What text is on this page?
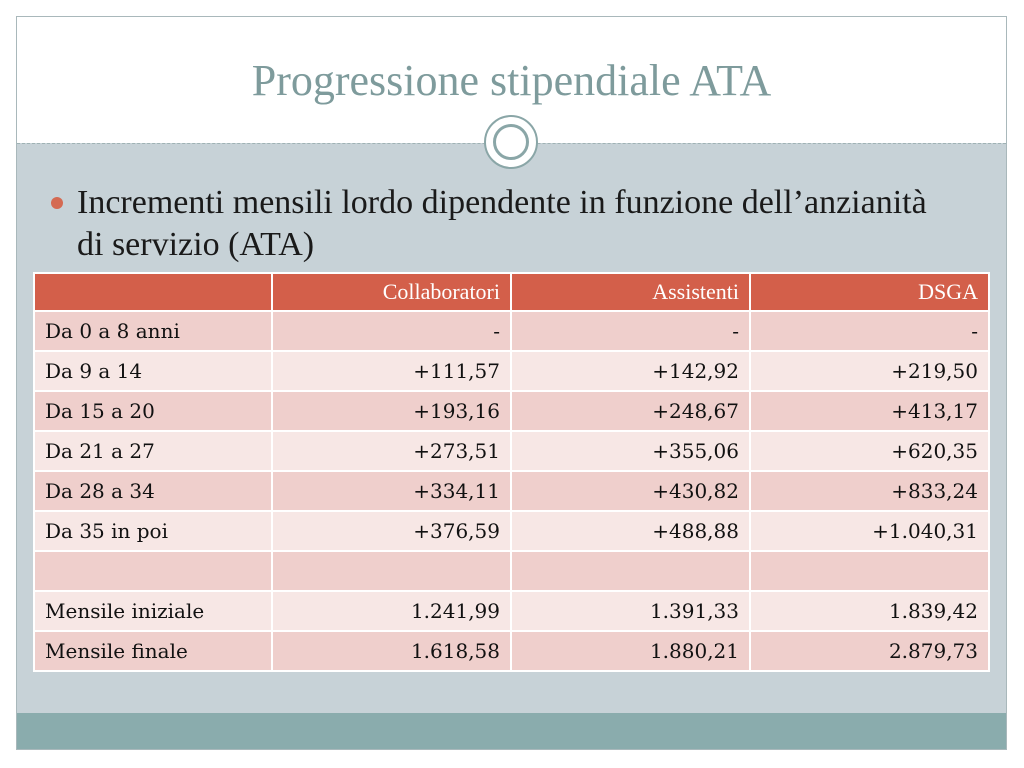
Progressione stipendiale ATA
Incrementi mensili lordo dipendente in funzione dell’anzianità di servizio (ATA)
	Collaboratori	Assistenti	DSGA
Da 0 a 8 anni	-	-	-
Da 9 a 14	+111,57	+142,92	+219,50
Da 15 a 20	+193,16	+248,67	+413,17
Da 21 a 27	+273,51	+355,06	+620,35
Da 28 a 34	+334,11	+430,82	+833,24
Da 35 in poi	+376,59	+488,88	+1.040,31

Mensile iniziale	1.241,99	1.391,33	1.839,42
Mensile finale	1.618,58	1.880,21	2.879,73
